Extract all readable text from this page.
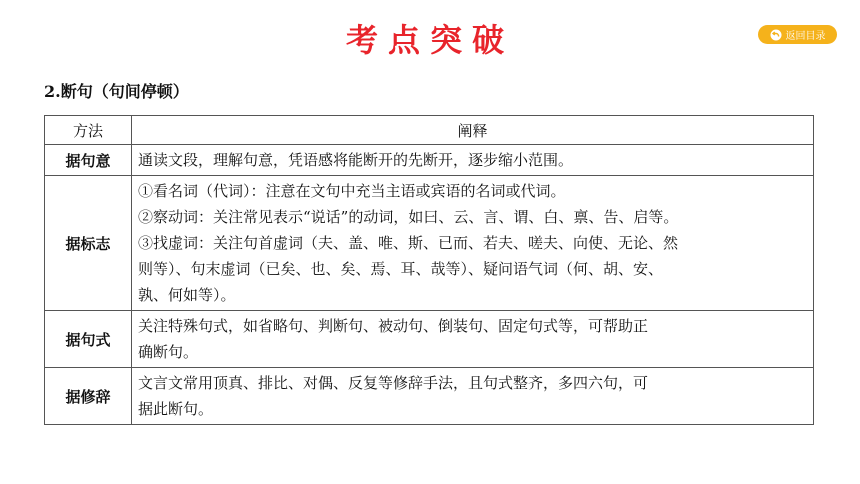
考点突破	返回目录
2.断句（句间停顿）
方法	阐释
据句意	通读文段，理解句意，凭语感将能断开的先断开，逐步缩小范围。

据标志	①看名词（代词）：注意在文句中充当主语或宾语的名词或代词。
②察动词：关注常见表示“说话”的动词，如曰、云、言、谓、白、禀、告、启等。
③找虚词：关注句首虚词（夫、盖、唯、斯、已而、若夫、嗟夫、向使、无论、然
则等）、句末虚词（已矣、也、矣、焉、耳、哉等）、疑问语气词（何、胡、安、
孰、何如等）。

据句式	关注特殊句式，如省略句、判断句、被动句、倒装句、固定句式等，可帮助正
确断句。

据修辞	文言文常用顶真、排比、对偶、反复等修辞手法，且句式整齐，多四六句，可
据此断句。
